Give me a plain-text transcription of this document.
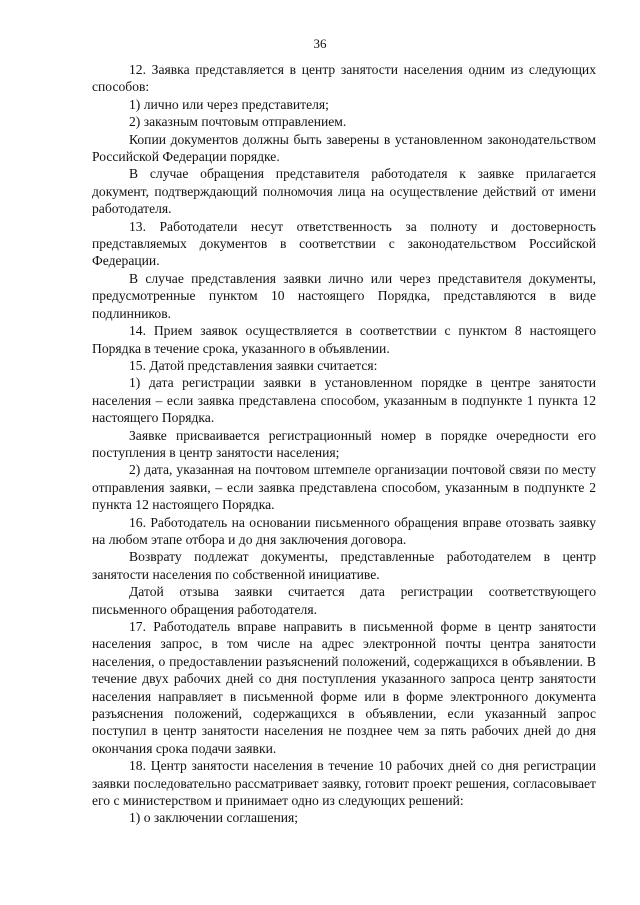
36

12. Заявка представляется в центр занятости населения одним из следующих способов:

1) лично или через представителя;

2) заказным почтовым отправлением.

Копии документов должны быть заверены в установленном законодательством Российской Федерации порядке.

В случае обращения представителя работодателя к заявке прилагается документ, подтверждающий полномочия лица на осуществление действий от имени работодателя.

13. Работодатели несут ответственность за полноту и достоверность представляемых документов в соответствии с законодательством Российской Федерации.

В случае представления заявки лично или через представителя документы, предусмотренные пунктом 10 настоящего Порядка, представляются в виде подлинников.

14. Прием заявок осуществляется в соответствии с пунктом 8 настоящего Порядка в течение срока, указанного в объявлении.

15. Датой представления заявки считается:

1) дата регистрации заявки в установленном порядке в центре занятости населения – если заявка представлена способом, указанным в подпункте 1 пункта 12 настоящего Порядка.

Заявке присваивается регистрационный номер в порядке очередности его поступления в центр занятости населения;

2) дата, указанная на почтовом штемпеле организации почтовой связи по месту отправления заявки, – если заявка представлена способом, указанным в подпункте 2 пункта 12 настоящего Порядка.

16. Работодатель на основании письменного обращения вправе отозвать заявку на любом этапе отбора и до дня заключения договора.

Возврату подлежат документы, представленные работодателем в центр занятости населения по собственной инициативе.

Датой отзыва заявки считается дата регистрации соответствующего письменного обращения работодателя.

17. Работодатель вправе направить в письменной форме в центр занятости населения запрос, в том числе на адрес электронной почты центра занятости населения, о предоставлении разъяснений положений, содержащихся в объявлении. В течение двух рабочих дней со дня поступления указанного запроса центр занятости населения направляет в письменной форме или в форме электронного документа разъяснения положений, содержащихся в объявлении, если указанный запрос поступил в центр занятости населения не позднее чем за пять рабочих дней до дня окончания срока подачи заявки.

18. Центр занятости населения в течение 10 рабочих дней со дня регистрации заявки последовательно рассматривает заявку, готовит проект решения, согласовывает его с министерством и принимает одно из следующих решений:

1) о заключении соглашения;
